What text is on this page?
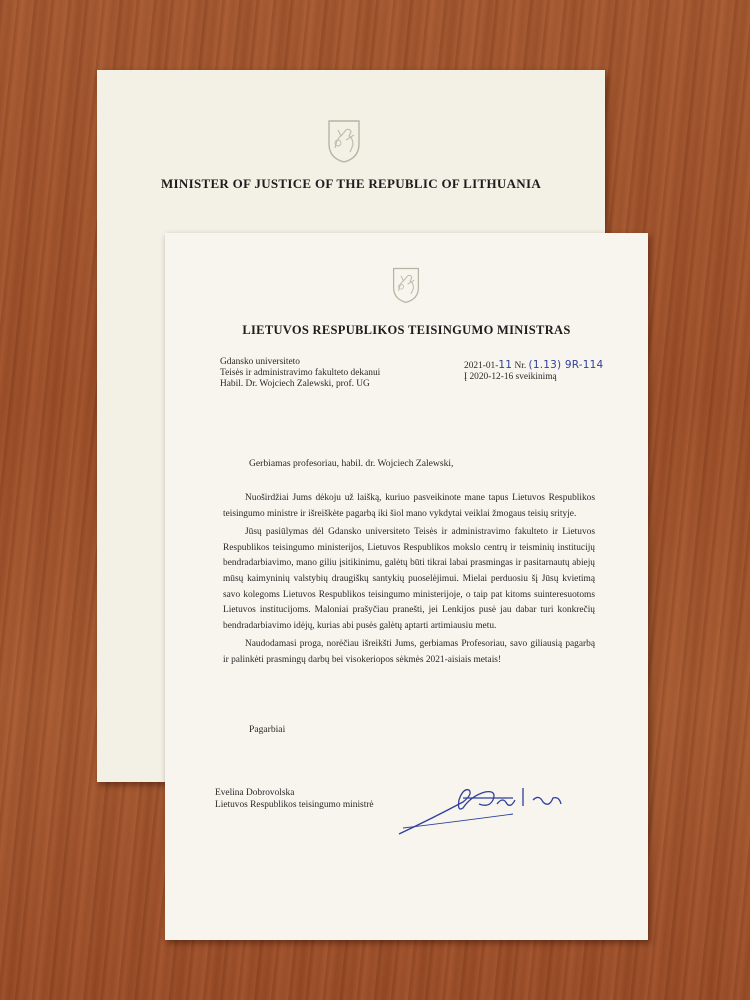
MINISTER OF JUSTICE OF THE REPUBLIC OF LITHUANIA
LIETUVOS RESPUBLIKOS TEISINGUMO MINISTRAS
Gdansko universiteto
Teisės ir administravimo fakulteto dekanui
Habil. Dr. Wojciech Zalewski, prof. UG
2021-01-11 Nr. (1.13) 9R-114
Į 2020-12-16 sveikinimą
Gerbiamas profesoriau, habil. dr. Wojciech Zalewski,

Nuoširdžiai Jums dėkoju už laišką, kuriuo pasveikinote mane tapus Lietuvos Respublikos teisingumo ministre ir išreiškėte pagarbą iki šiol mano vykdytai veiklai žmogaus teisių srityje.

Jūsų pasiūlymas dėl Gdansko universiteto Teisės ir administravimo fakulteto ir Lietuvos Respublikos teisingumo ministerijos, Lietuvos Respublikos mokslo centrų ir teisminių institucijų bendradarbiavimo, mano giliu įsitikinimu, galėtų būti tikrai labai prasmingas ir pasitarnautų abiejų mūsų kaimyninių valstybių draugiškų santykių puoselėjimui. Mielai perduosiu šį Jūsų kvietimą savo kolegoms Lietuvos Respublikos teisingumo ministerijoje, o taip pat kitoms suinteresuotoms Lietuvos institucijoms. Maloniai prašyčiau pranešti, jei Lenkijos pusė jau dabar turi konkrečių bendradarbiavimo idėjų, kurias abi pusės galėtų aptarti artimiausiu metu.

Naudodamasi proga, norėčiau išreikšti Jums, gerbiamas Profesoriau, savo giliausią pagarbą ir palinkėti prasmingų darbų bei visokeriopos sėkmės 2021-aisiais metais!

Pagarbiai
Evelina Dobrovolska
Lietuvos Respublikos teisingumo ministrė
